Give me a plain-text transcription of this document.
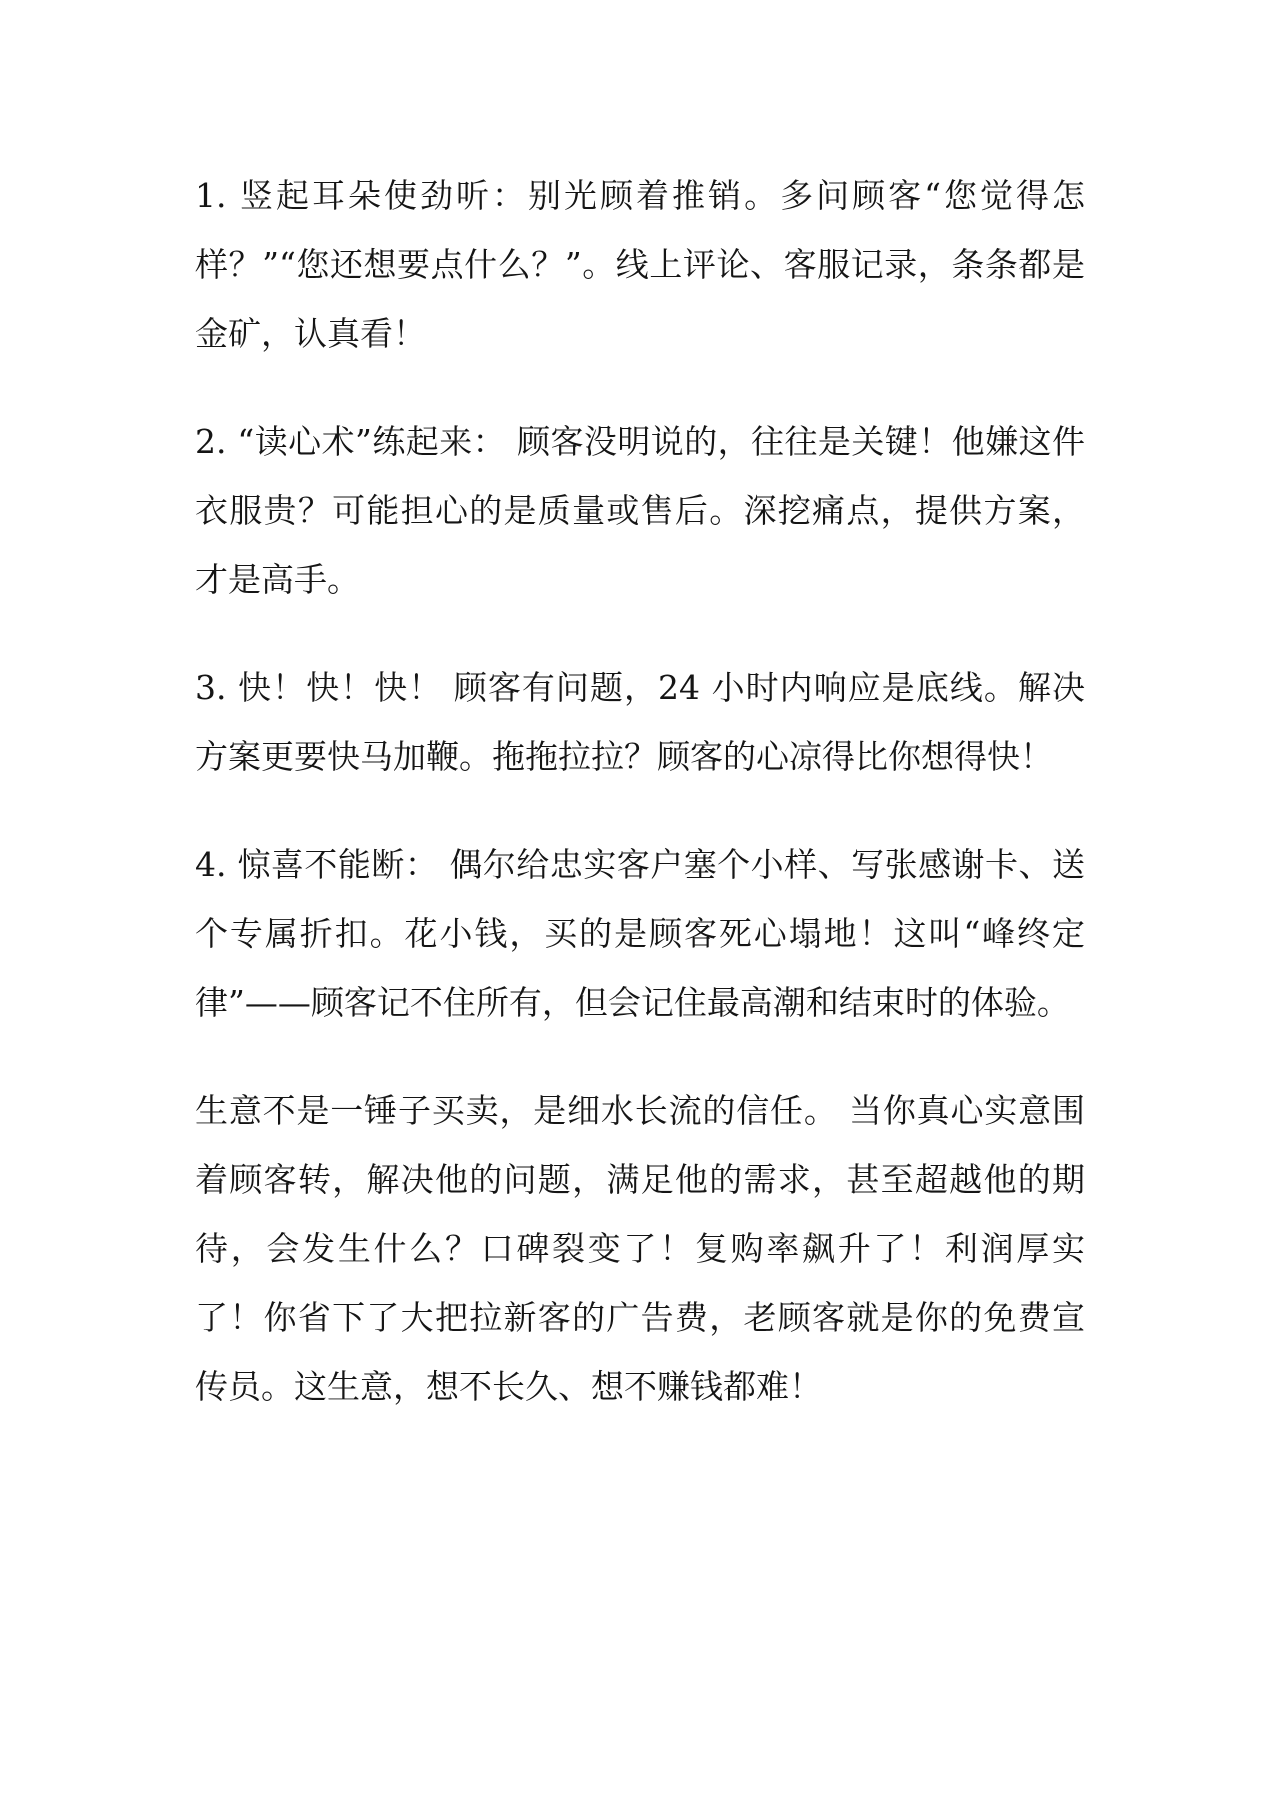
1. 竖起耳朵使劲听：别光顾着推销。多问顾客“您觉得怎样？”“您还想要点什么？”。线上评论、客服记录，条条都是金矿，认真看！

2. “读心术”练起来： 顾客没明说的，往往是关键！他嫌这件衣服贵？可能担心的是质量或售后。深挖痛点，提供方案，才是高手。

3. 快！快！快！ 顾客有问题，24 小时内响应是底线。解决方案更要快马加鞭。拖拖拉拉？顾客的心凉得比你想得快！

4. 惊喜不能断： 偶尔给忠实客户塞个小样、写张感谢卡、送个专属折扣。花小钱，买的是顾客死心塌地！这叫“峰终定律”——顾客记不住所有，但会记住最高潮和结束时的体验。

生意不是一锤子买卖，是细水长流的信任。 当你真心实意围着顾客转，解决他的问题，满足他的需求，甚至超越他的期待，会发生什么？口碑裂变了！复购率飙升了！利润厚实了！你省下了大把拉新客的广告费，老顾客就是你的免费宣传员。这生意，想不长久、想不赚钱都难！
